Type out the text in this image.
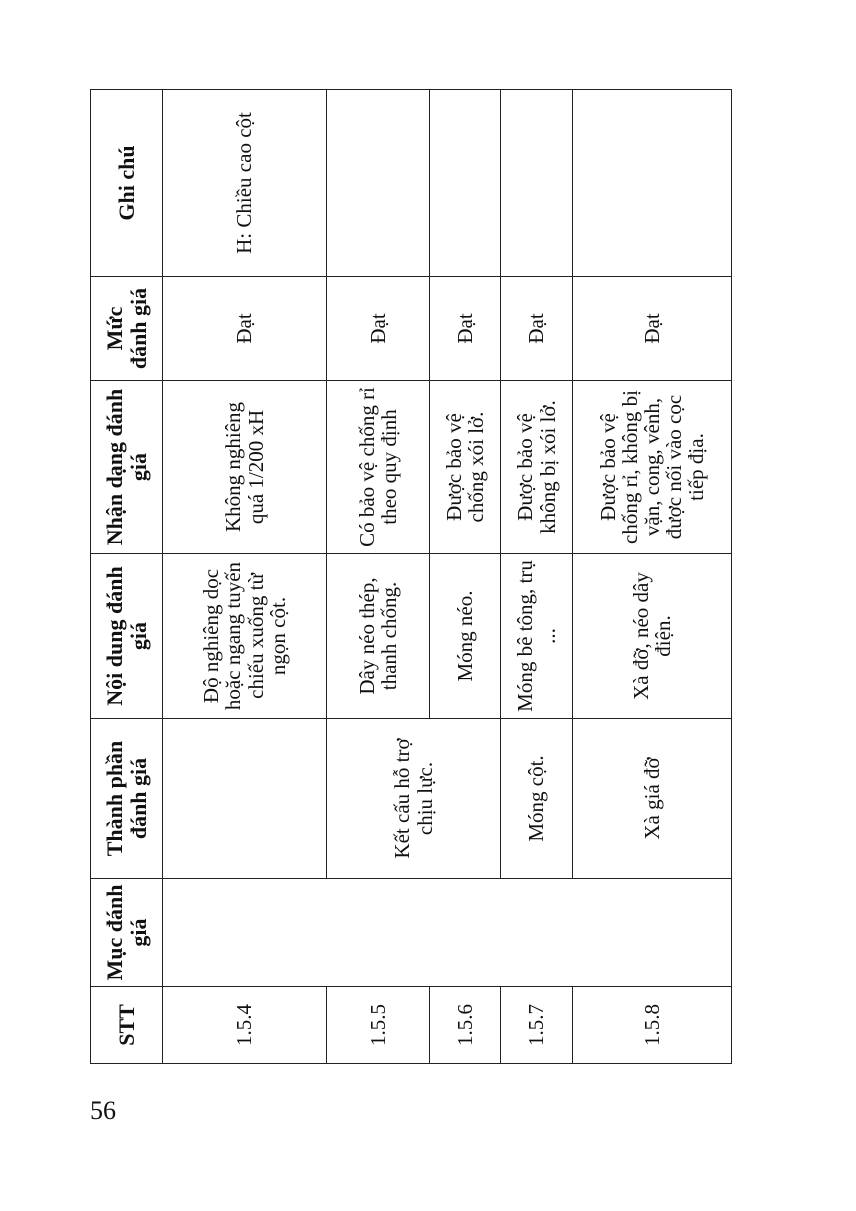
STT	Mục đánh giá	Thành phần đánh giá	Nội dung đánh giá	Nhận dạng đánh giá	Mức đánh giá	Ghi chú
1.5.4			Độ nghiêng dọc hoặc ngang tuyến chiếu xuống từ ngọn cột.	Không nghiêng quá 1/200 xH	Đạt	H: Chiều cao cột
1.5.5		Kết cấu hỗ trợ chịu lực.	Dây néo thép, thanh chống.	Có bảo vệ chống rỉ theo quy định	Đạt	
1.5.6			Móng néo.	Được bảo vệ chống xói lở.	Đạt	
1.5.7		Móng cột.	Móng bê tông, trụ ...	Được bảo vệ không bị xói lở.	Đạt	
1.5.8		Xà giá đỡ	Xà đỡ, néo dây điện.	Được bảo vệ chống rỉ, không bị vặn, cong, vênh, được nối vào cọc tiếp địa.	Đạt	
56
